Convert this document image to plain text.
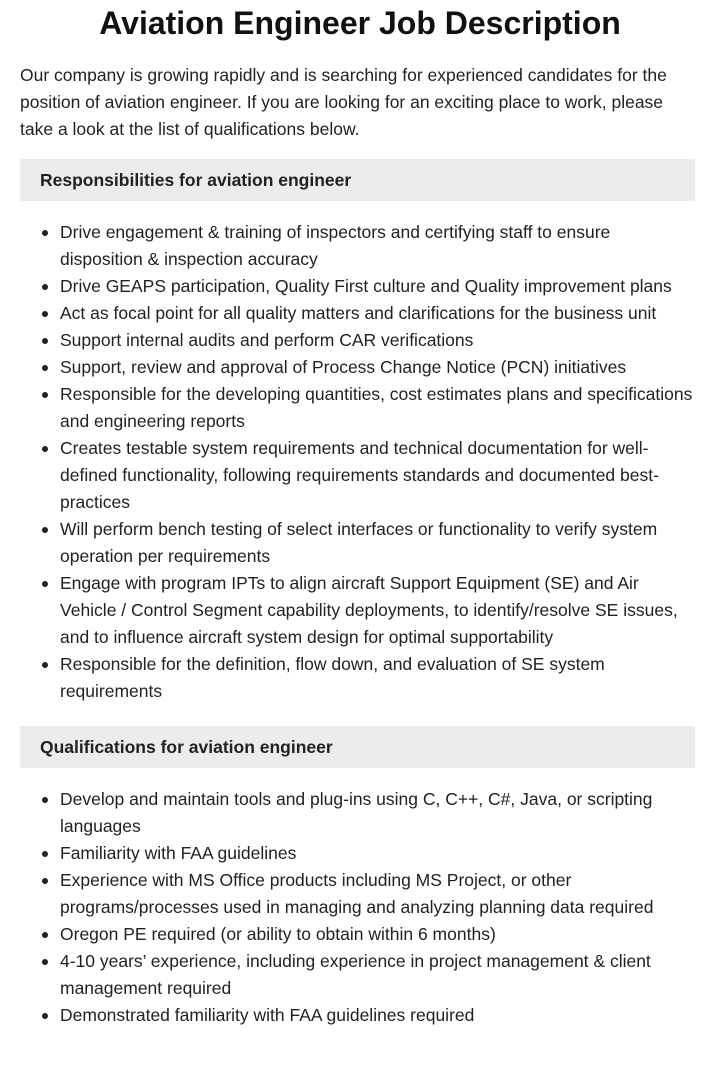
Aviation Engineer Job Description

Our company is growing rapidly and is searching for experienced candidates for the position of aviation engineer. If you are looking for an exciting place to work, please take a look at the list of qualifications below.

Responsibilities for aviation engineer
Drive engagement & training of inspectors and certifying staff to ensure disposition & inspection accuracy
Drive GEAPS participation, Quality First culture and Quality improvement plans
Act as focal point for all quality matters and clarifications for the business unit
Support internal audits and perform CAR verifications
Support, review and approval of Process Change Notice (PCN) initiatives
Responsible for the developing quantities, cost estimates plans and specifications and engineering reports
Creates testable system requirements and technical documentation for well-defined functionality, following requirements standards and documented best-practices
Will perform bench testing of select interfaces or functionality to verify system operation per requirements
Engage with program IPTs to align aircraft Support Equipment (SE) and Air Vehicle / Control Segment capability deployments, to identify/resolve SE issues, and to influence aircraft system design for optimal supportability
Responsible for the definition, flow down, and evaluation of SE system requirements
Qualifications for aviation engineer
Develop and maintain tools and plug-ins using C, C++, C#, Java, or scripting languages
Familiarity with FAA guidelines
Experience with MS Office products including MS Project, or other programs/processes used in managing and analyzing planning data required
Oregon PE required (or ability to obtain within 6 months)
4-10 years’ experience, including experience in project management & client management required
Demonstrated familiarity with FAA guidelines required
